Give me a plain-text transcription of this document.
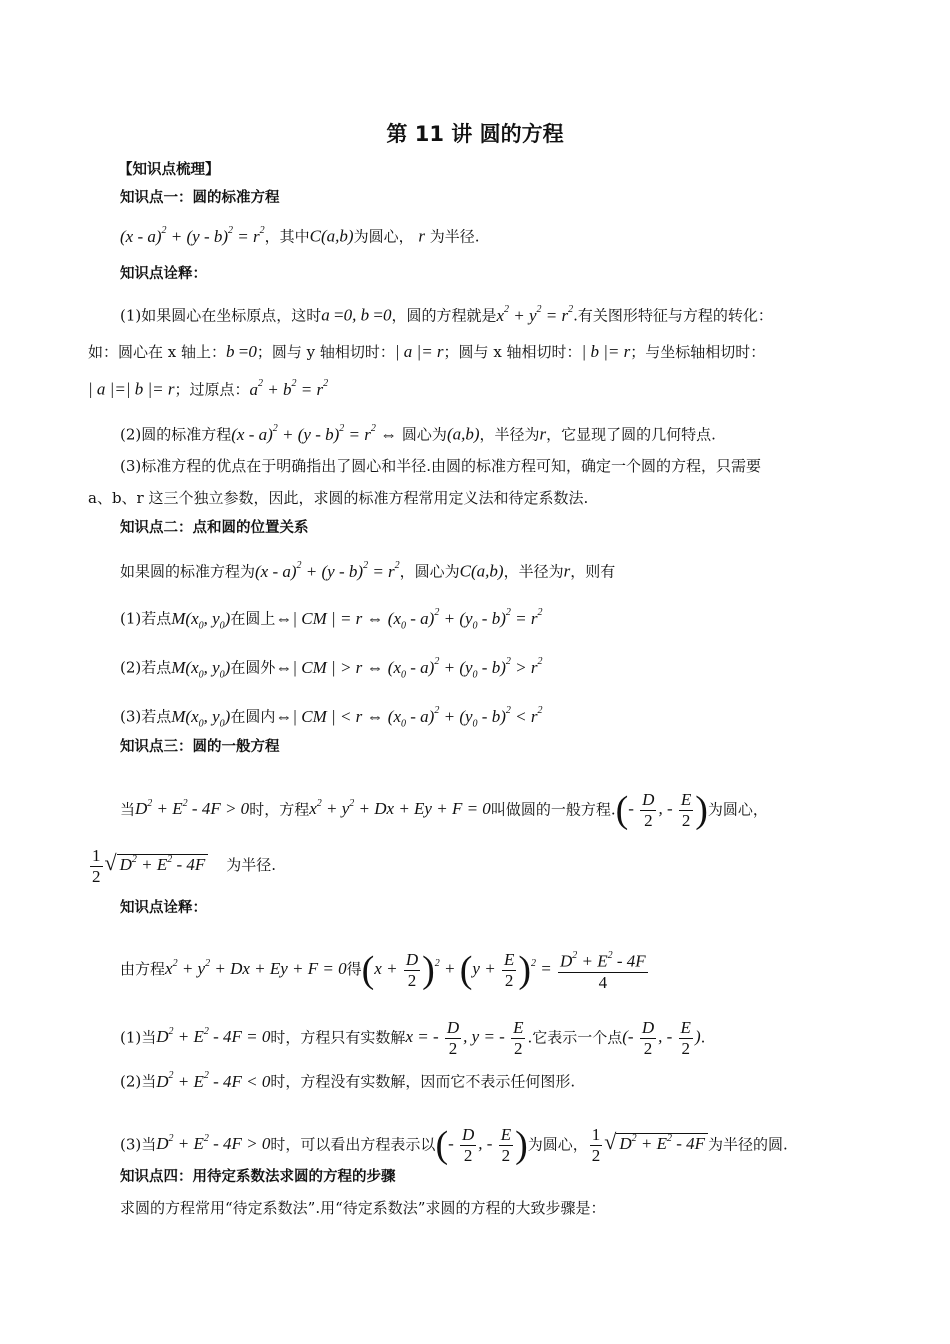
第 11 讲 圆的方程
【知识点梳理】
知识点一：圆的标准方程
$(x - a)^2 + (y - b)^2 = r^2$，其中C(a,b)为圆心， r 为半径.
知识点诠释：
(1)如果圆心在坐标原点，这时a =0, b =0，圆的方程就是$x^2 + y^2 = r^2$.有关图形特征与方程的转化：
如：圆心在 x 轴上：b =0；圆与 y 轴相切时：| a |= r；圆与 x 轴相切时：| b |= r；与坐标轴相切时：
| a |=| b |= r；过原点：$a^2 + b^2 = r^2$
(2)圆的标准方程$(x - a)^2 + (y - b)^2 = r^2$ ⇔ 圆心为(a,b)，半径为r，它显现了圆的几何特点.
(3)标准方程的优点在于明确指出了圆心和半径.由圆的标准方程可知，确定一个圆的方程，只需要
a、b、r 这三个独立参数，因此，求圆的标准方程常用定义法和待定系数法.
知识点二：点和圆的位置关系
如果圆的标准方程为$(x - a)^2 + (y - b)^2 = r^2$，圆心为C(a,b)，半径为r，则有
(1)若点$M(x_0$, $y_0$)在圆上⇔| CM | = r ⇔ $(x_0 - a)^2 + (y_0 - b)^2 = r^2$
(2)若点$M(x_0$, $y_0$)在圆外⇔| CM | > r ⇔ $(x_0 - a)^2 + (y_0 - b)^2 > r^2$
(3)若点$M(x_0$, $y_0$)在圆内⇔| CM | < r ⇔ $(x_0 - a)^2 + (y_0 - b)^2 < r^2$
知识点三：圆的一般方程
当$D^2 + E^2 - 4F > 0$时，方程$x^2 + y^2 + Dx + Ey + F = 0$叫做圆的一般方程.(- $\frac{D}{2}$ , - $\frac{E}{2}$ )为圆心，
$\frac{1}{2}$ √ $D^2 + E^2 - 4F$ 为半径.
知识点诠释：
由方程$x^2 + y^2 + Dx + Ey + F = 0$得$(x + \frac{D}{2} )^2 + (y + \frac{E}{2} )^2 = \frac{D^2 + E^2 - 4F}{4}$
(1)当$D^2 + E^2 - 4F = 0$时，方程只有实数解x = - $\frac{D}{2}$ , y = - $\frac{E}{2}$ .它表示一个点(- $\frac{D}{2}$ , - $\frac{E}{2}$ ).
(2)当$D^2 + E^2 - 4F < 0$时，方程没有实数解，因而它不表示任何图形.
(3)当$D^2 + E^2 - 4F > 0$时，可以看出方程表示以(- $\frac{D}{2}$ , - $\frac{E}{2}$ )为圆心， $\frac{1}{2}$ √ $D^2 + E^2 - 4F$ 为半径的圆.
知识点四：用待定系数法求圆的方程的步骤
求圆的方程常用“待定系数法”.用“待定系数法”求圆的方程的大致步骤是：
